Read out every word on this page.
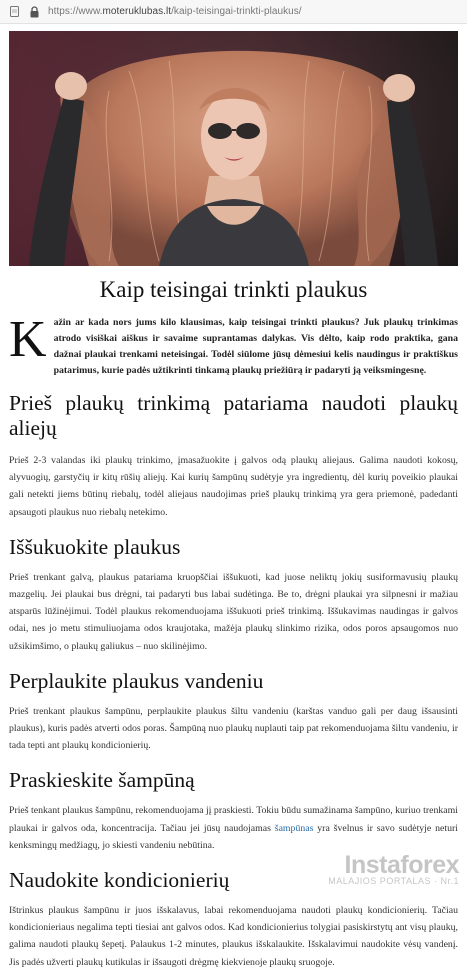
https://www.moteruklubas.lt/kaip-teisingai-trinkti-plaukus/
Kaip teisingai trinkti plaukus
K ažin ar kada nors jums kilo klausimas, kaip teisingai trinkti plaukus? Juk plaukų trinkimas atrodo visiškai aiškus ir savaime suprantamas dalykas. Vis dėlto, kaip rodo praktika, gana dažnai plaukai trenkami neteisingai. Todėl siūlome jūsų dėmesiui kelis naudingus ir praktiškus patarimus, kurie padės užtikrinti tinkamą plaukų priežiūrą ir padaryti ją veiksmingesnę.

Prieš plaukų trinkimą patariama naudoti plaukų aliejų

Prieš 2-3 valandas iki plaukų trinkimo, įmasažuokite į galvos odą plaukų aliejaus. Galima naudoti kokosų, alyvuogių, garstyčių ir kitų rūšių aliejų. Kai kurių šampūnų sudėtyje yra ingredientų, dėl kurių poveikio plaukai gali netekti jiems būtinų riebalų, todėl aliejaus naudojimas prieš plaukų trinkimą yra gera priemonė, padedanti apsaugoti plaukus nuo riebalų netekimo.

Iššukuokite plaukus

Prieš trenkant galvą, plaukus patariama kruopščiai iššukuoti, kad juose neliktų jokių susiformavusių plaukų mazgelių. Jei plaukai bus drėgni, tai padaryti bus labai sudėtinga. Be to, drėgni plaukai yra silpnesni ir mažiau atsparūs lūžinėjimui. Todėl plaukus rekomenduojama iššukuoti prieš trinkimą. Iššukavimas naudingas ir galvos odai, nes jo metu stimuliuojama odos kraujotaka, mažėja plaukų slinkimo rizika, odos poros apsaugomos nuo užsikimšimo, o plaukų galiukus – nuo skilinėjimo.

Perplaukite plaukus vandeniu

Prieš trenkant plaukus šampūnu, perplaukite plaukus šiltu vandeniu (karštas vanduo gali per daug išsausinti plaukus), kuris padės atverti odos poras. Šampūną nuo plaukų nuplauti taip pat rekomenduojama šiltu vandeniu, ir tada tepti ant plaukų kondicionierių.

Praskieskite šampūną

Prieš tenkant plaukus šampūnu, rekomenduojama jį praskiesti. Tokiu būdu sumažinama šampūno, kuriuo trenkami plaukai ir galvos oda, koncentracija. Tačiau jei jūsų naudojamas šampūnas yra švelnus ir savo sudėtyje neturi kenksmingų medžiagų, jo skiesti vandeniu nebūtina.

Naudokite kondicionierių

Ištrinkus plaukus šampūnu ir juos išskalavus, labai rekomenduojama naudoti plaukų kondicionierių. Tačiau kondicionieriaus negalima tepti tiesiai ant galvos odos. Kad kondicionierius tolygiai pasiskirstytų ant visų plaukų, galima naudoti plaukų šepetį. Palaukus 1-2 minutes, plaukus išskalaukite. Išskalavimui naudokite vėsų vandenį. Jis padės užverti plaukų kutikulas ir išsaugoti drėgmę kiekvienoje plaukų sruogoje.

Instaforex
MALAJIOS PORTALAS · Nr.1
